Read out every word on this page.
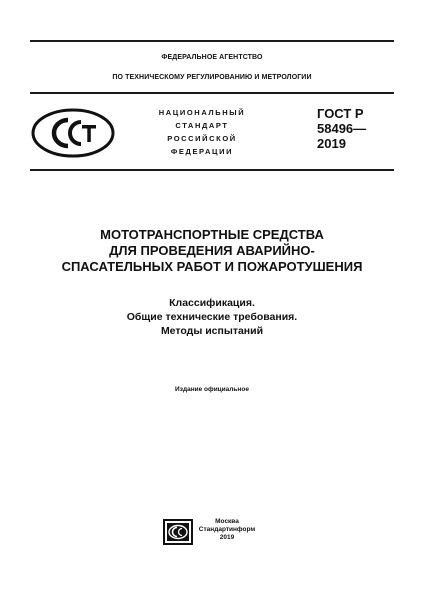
ФЕДЕРАЛЬНОЕ АГЕНТСТВО
ПО ТЕХНИЧЕСКОМУ РЕГУЛИРОВАНИЮ И МЕТРОЛОГИИ
НАЦИОНАЛЬНЫЙ
СТАНДАРТ
РОССИЙСКОЙ
ФЕДЕРАЦИИ
ГОСТ Р
58496—
2019
МОТОТРАНСПОРТНЫЕ СРЕДСТВА
ДЛЯ ПРОВЕДЕНИЯ АВАРИЙНО-
СПАСАТЕЛЬНЫХ РАБОТ И ПОЖАРОТУШЕНИЯ
Классификация.
Общие технические требования.
Методы испытаний
Издание официальное
Москва
Стандартинформ
2019
